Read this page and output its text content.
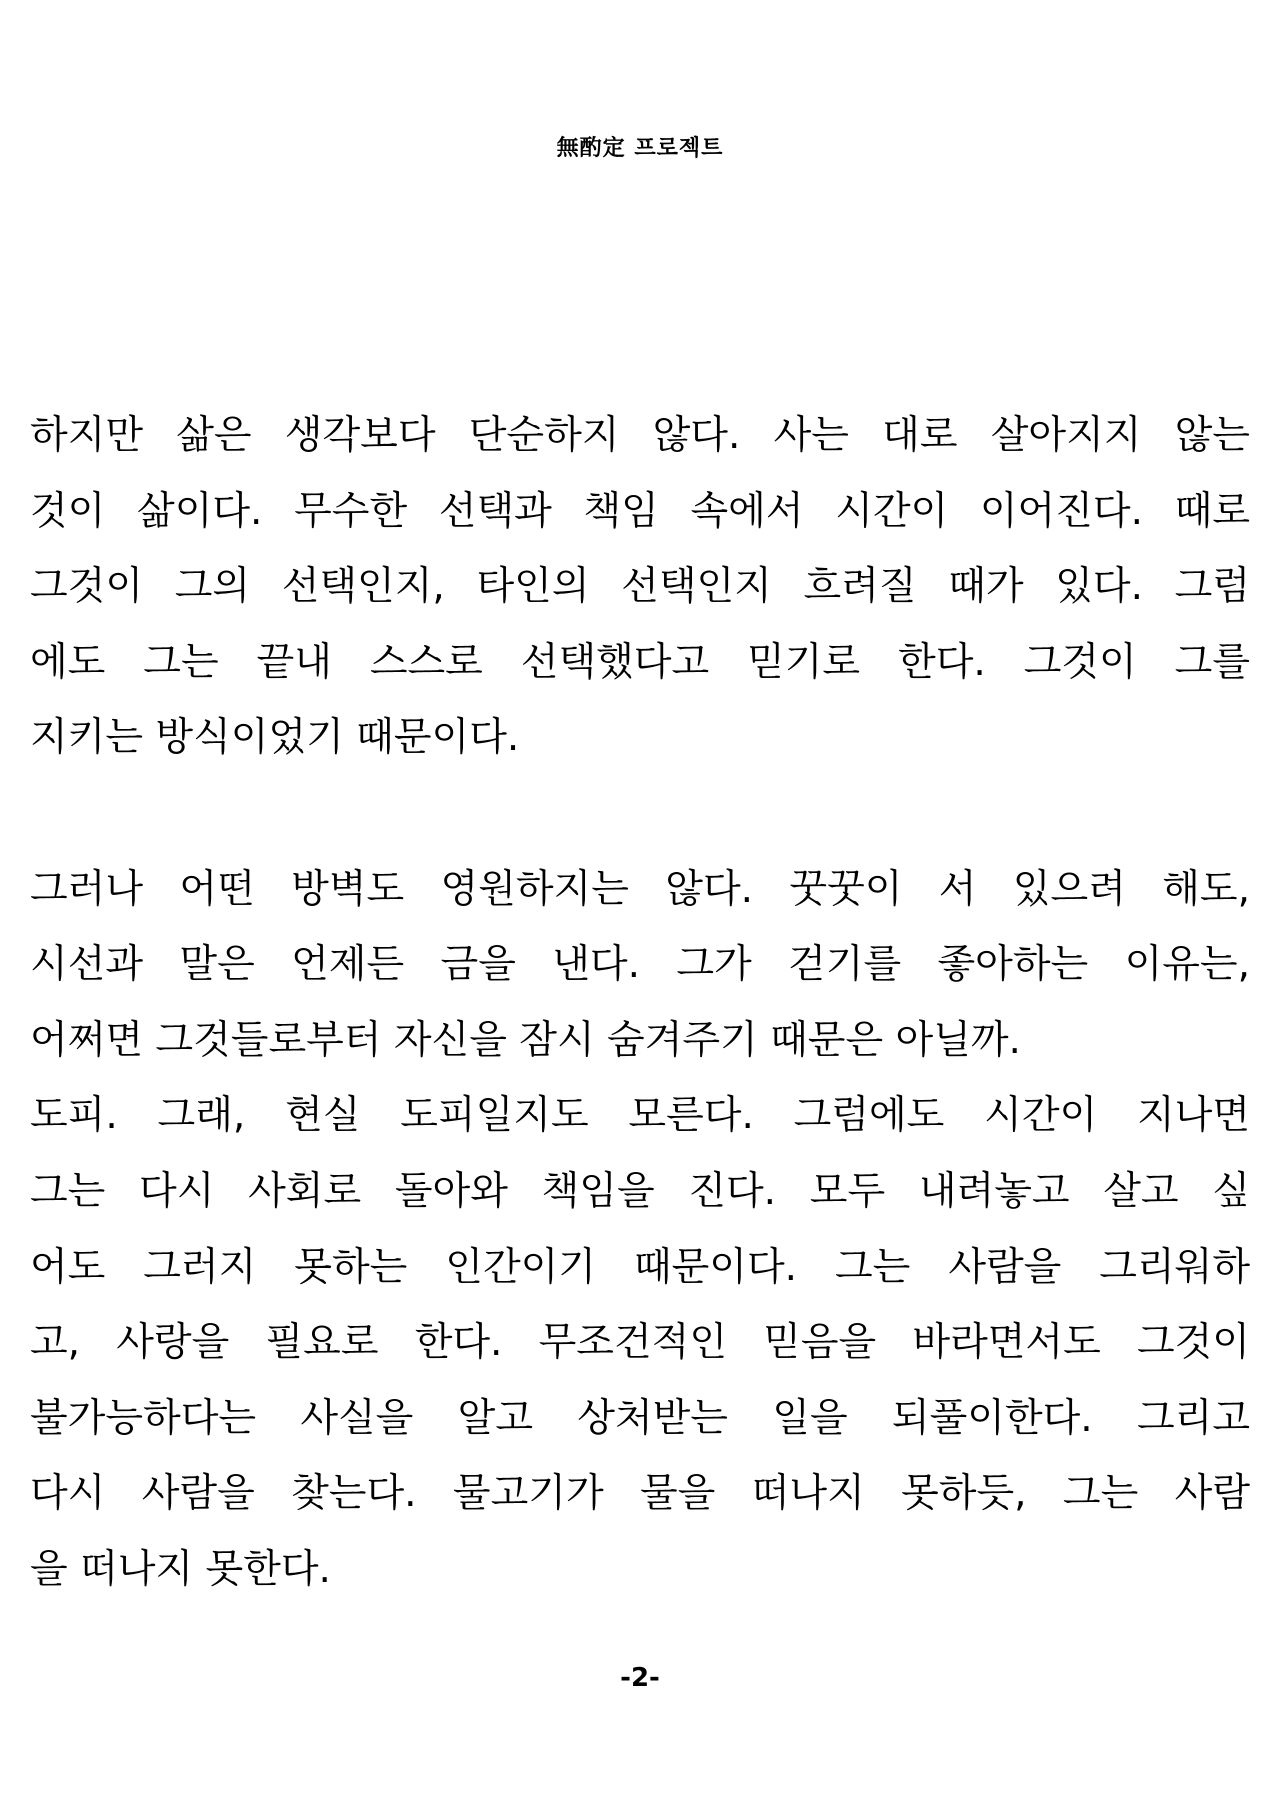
無酌定 프로젝트
하지만 삶은 생각보다 단순하지 않다. 사는 대로 살아지지 않는
것이 삶이다. 무수한 선택과 책임 속에서 시간이 이어진다. 때로
그것이 그의 선택인지, 타인의 선택인지 흐려질 때가 있다. 그럼
에도 그는 끝내 스스로 선택했다고 믿기로 한다. 그것이 그를
지키는 방식이었기 때문이다.
그러나 어떤 방벽도 영원하지는 않다. 꿋꿋이 서 있으려 해도,
시선과 말은 언제든 금을 낸다. 그가 걷기를 좋아하는 이유는,
어쩌면 그것들로부터 자신을 잠시 숨겨주기 때문은 아닐까.
도피. 그래, 현실 도피일지도 모른다. 그럼에도 시간이 지나면
그는 다시 사회로 돌아와 책임을 진다. 모두 내려놓고 살고 싶
어도 그러지 못하는 인간이기 때문이다. 그는 사람을 그리워하
고, 사랑을 필요로 한다. 무조건적인 믿음을 바라면서도 그것이
불가능하다는 사실을 알고 상처받는 일을 되풀이한다. 그리고
다시 사람을 찾는다. 물고기가 물을 떠나지 못하듯, 그는 사람
을 떠나지 못한다.
-2-
